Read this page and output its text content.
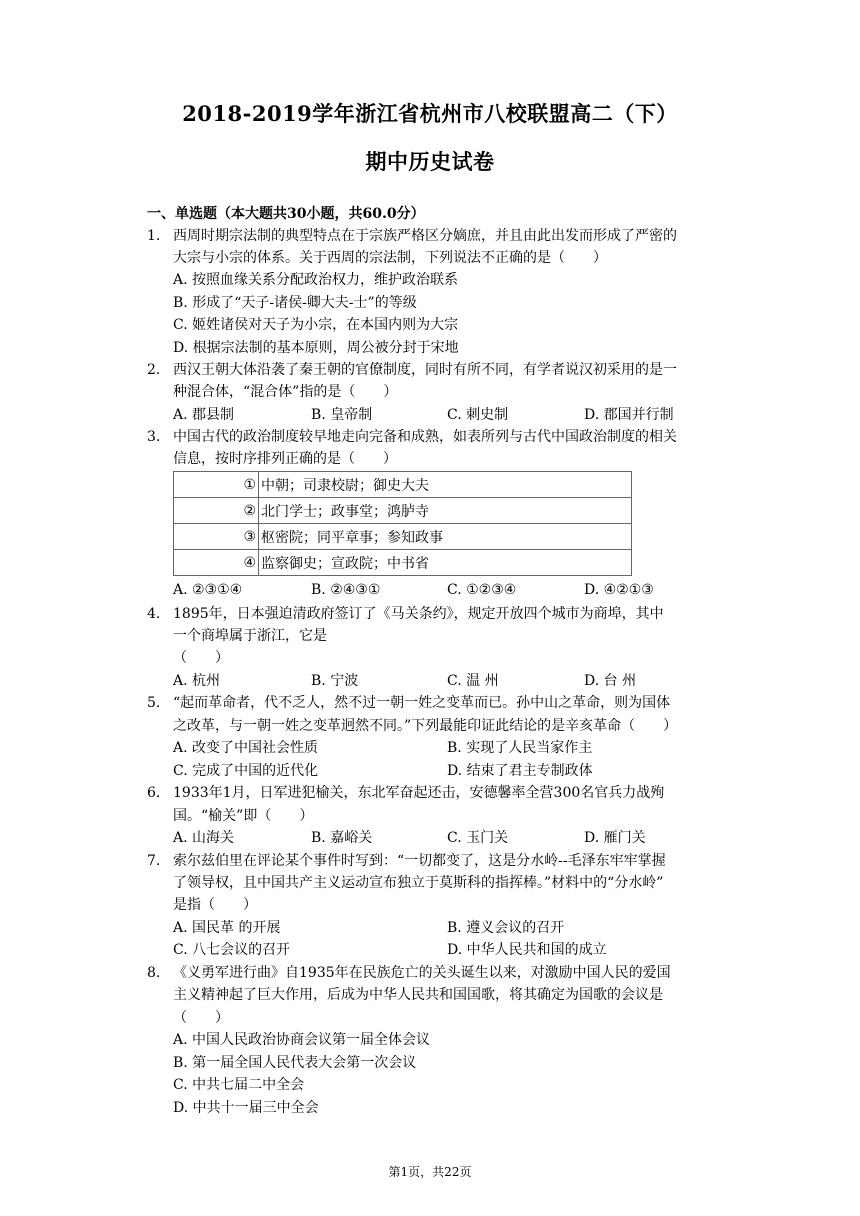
2018-2019学年浙江省杭州市八校联盟高二（下）
期中历史试卷
一、单选题（本大题共30小题，共60.0分）
1. 西周时期宗法制的典型特点在于宗族严格区分嫡庶，并且由此出发而形成了严密的
大宗与小宗的体系。关于西周的宗法制，下列说法不正确的是（　　）
A. 按照血缘关系分配政治权力，维护政治联系
B. 形成了“天子-诸侯-卿大夫-士”的等级
C. 姬姓诸侯对天子为小宗，在本国内则为大宗
D. 根据宗法制的基本原则，周公被分封于宋地
2. 西汉王朝大体沿袭了秦王朝的官僚制度，同时有所不同，有学者说汉初采用的是一
种混合体，“混合体”指的是（　　）
A. 郡县制	B. 皇帝制	C. 刺史制	D. 郡国并行制
3. 中国古代的政治制度较早地走向完备和成熟，如表所列与古代中国政治制度的相关
信息，按时序排列正确的是（　　）
①	中朝；司隶校尉；御史大夫
②	北门学士；政事堂；鸿胪寺
③	枢密院；同平章事；参知政事
④	监察御史；宣政院；中书省
A. ②③①④	B. ②④③①	C. ①②③④	D. ④②①③
4. 1895年，日本强迫清政府签订了《马关条约》，规定开放四个城市为商埠，其中
一个商埠属于浙江，它是
（　　）
A. 杭州	B. 宁波	C. 温 州	D. 台 州
5. “起而革命者，代不乏人，然不过一朝一姓之变革而已。孙中山之革命，则为国体
之改革，与一朝一姓之变革迥然不同。”下列最能印证此结论的是辛亥革命（　　）
A. 改变了中国社会性质	B. 实现了人民当家作主
C. 完成了中国的近代化	D. 结束了君主专制政体
6. 1933年1月，日军进犯榆关，东北军奋起还击，安德馨率全营300名官兵力战殉
国。“榆关”即（　　）
A. 山海关	B. 嘉峪关	C. 玉门关	D. 雁门关
7. 索尔兹伯里在评论某个事件时写到：“一切都变了，这是分水岭--毛泽东牢牢掌握
了领导权，且中国共产主义运动宣布独立于莫斯科的指挥棒。”材料中的“分水岭”
是指（　　）
A. 国民革 的开展	B. 遵义会议的召开
C. 八七会议的召开	D. 中华人民共和国的成立
8. 《义勇军进行曲》自1935年在民族危亡的关头诞生以来，对激励中国人民的爱国
主义精神起了巨大作用，后成为中华人民共和国国歌，将其确定为国歌的会议是
（　　）
A. 中国人民政治协商会议第一届全体会议
B. 第一届全国人民代表大会第一次会议
C. 中共七届二中全会
D. 中共十一届三中全会
第1页，共22页
